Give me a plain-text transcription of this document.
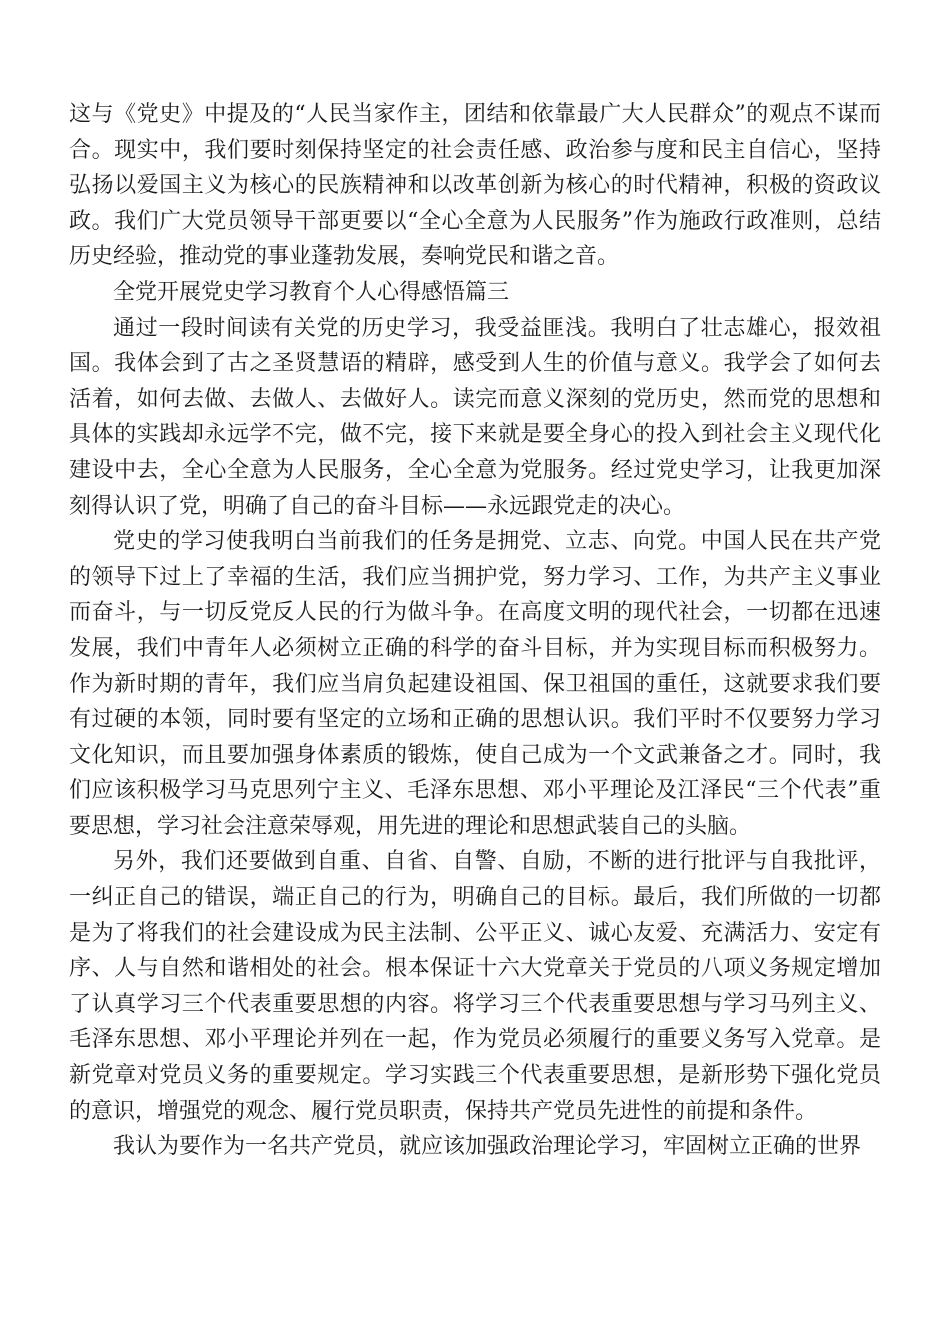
这与《党史》中提及的“人民当家作主，团结和依靠最广大人民群众”的观点不谋而合。现实中，我们要时刻保持坚定的社会责任感、政治参与度和民主自信心，坚持弘扬以爱国主义为核心的民族精神和以改革创新为核心的时代精神，积极的资政议政。我们广大党员领导干部更要以“全心全意为人民服务”作为施政行政准则，总结历史经验，推动党的事业蓬勃发展，奏响党民和谐之音。

全党开展党史学习教育个人心得感悟篇三

通过一段时间读有关党的历史学习，我受益匪浅。我明白了壮志雄心，报效祖国。我体会到了古之圣贤慧语的精辟，感受到人生的价值与意义。我学会了如何去活着，如何去做、去做人、去做好人。读完而意义深刻的党历史，然而党的思想和具体的实践却永远学不完，做不完，接下来就是要全身心的投入到社会主义现代化建设中去，全心全意为人民服务，全心全意为党服务。经过党史学习，让我更加深刻得认识了党，明确了自己的奋斗目标——永远跟党走的决心。

党史的学习使我明白当前我们的任务是拥党、立志、向党。中国人民在共产党的领导下过上了幸福的生活，我们应当拥护党，努力学习、工作，为共产主义事业而奋斗，与一切反党反人民的行为做斗争。在高度文明的现代社会，一切都在迅速发展，我们中青年人必须树立正确的科学的奋斗目标，并为实现目标而积极努力。作为新时期的青年，我们应当肩负起建设祖国、保卫祖国的重任，这就要求我们要有过硬的本领，同时要有坚定的立场和正确的思想认识。我们平时不仅要努力学习文化知识，而且要加强身体素质的锻炼，使自己成为一个文武兼备之才。同时，我们应该积极学习马克思列宁主义、毛泽东思想、邓小平理论及江泽民“三个代表”重要思想，学习社会注意荣辱观，用先进的理论和思想武装自己的头脑。

另外，我们还要做到自重、自省、自警、自励，不断的进行批评与自我批评，一纠正自己的错误，端正自己的行为，明确自己的目标。最后，我们所做的一切都是为了将我们的社会建设成为民主法制、公平正义、诚心友爱、充满活力、安定有序、人与自然和谐相处的社会。根本保证十六大党章关于党员的八项义务规定增加了认真学习三个代表重要思想的内容。将学习三个代表重要思想与学习马列主义、毛泽东思想、邓小平理论并列在一起，作为党员必须履行的重要义务写入党章。是新党章对党员义务的重要规定。学习实践三个代表重要思想，是新形势下强化党员的意识，增强党的观念、履行党员职责，保持共产党员先进性的前提和条件。

我认为要作为一名共产党员，就应该加强政治理论学习，牢固树立正确的世界
